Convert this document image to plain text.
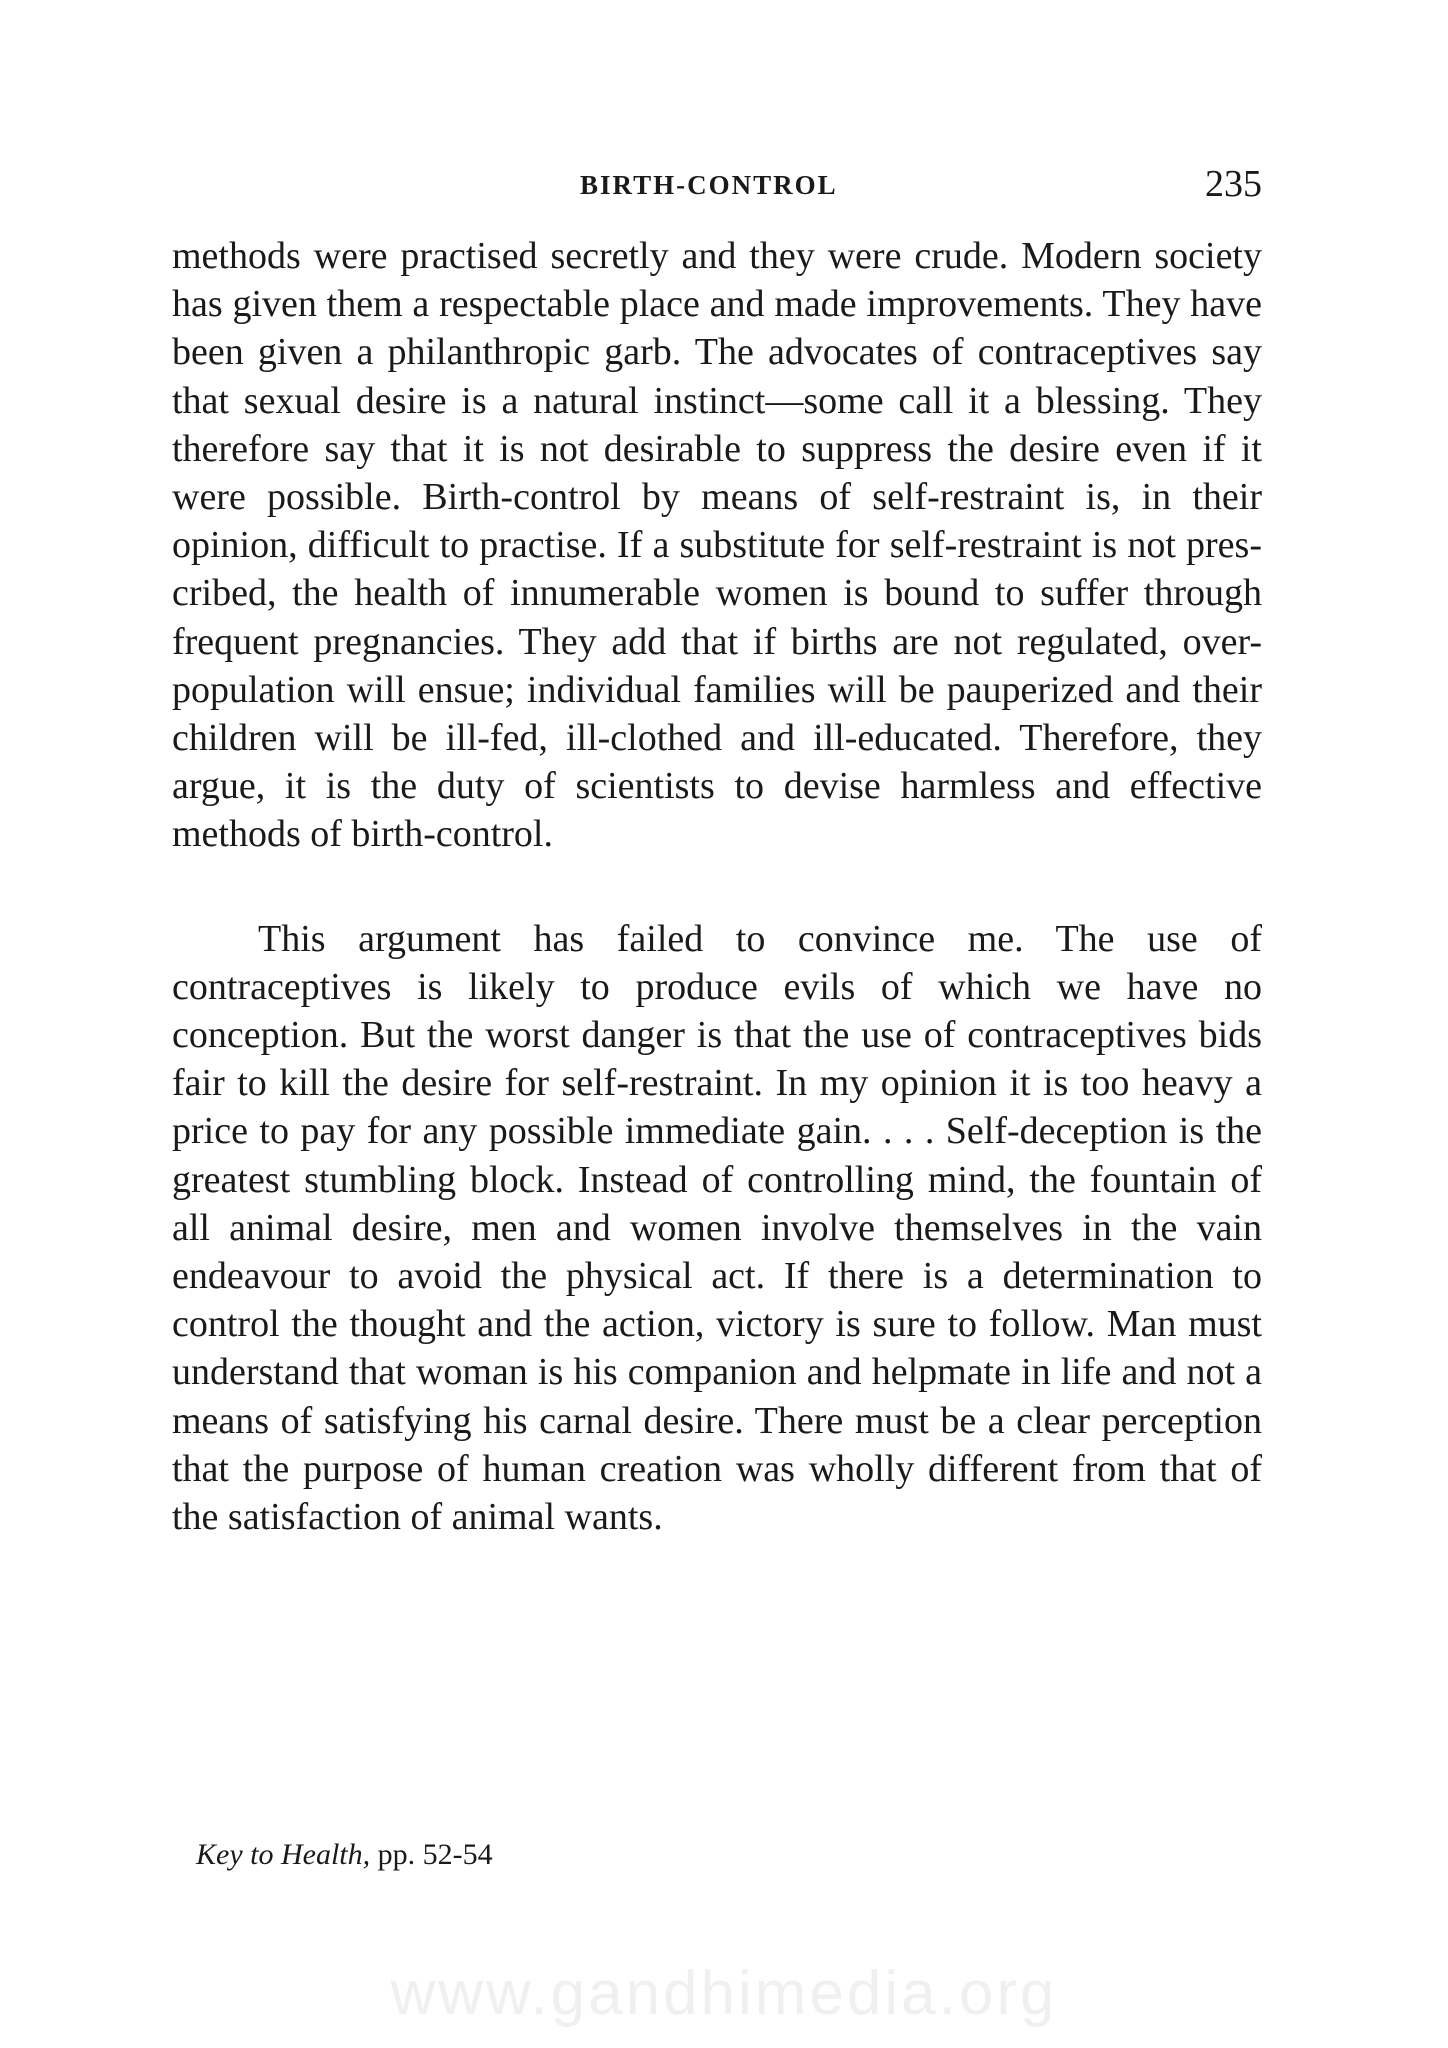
BIRTH-CONTROL	235

methods were practised secretly and they were crude. Modern society has given them a respectable place and made improvements. They have been given a philanthropic garb. The advocates of contraceptives say that sexual desire is a natural instinct—some call it a blessing. They therefore say that it is not desirable to suppress the desire even if it were possible. Birth-control by means of self-restraint is, in their opinion, difficult to practise. If a substitute for self-restraint is not prescribed, the health of innumerable women is bound to suffer through frequent pregnancies. They add that if births are not regulated, over-population will ensue; individual families will be pauperized and their children will be ill-fed, ill-clothed and ill-educated. Therefore, they argue, it is the duty of scientists to devise harmless and effective methods of birth-control.

This argument has failed to convince me. The use of contraceptives is likely to produce evils of which we have no conception. But the worst danger is that the use of contraceptives bids fair to kill the desire for self-restraint. In my opinion it is too heavy a price to pay for any possible immediate gain. . . . Self-deception is the greatest stumbling block. Instead of controlling mind, the fountain of all animal desire, men and women involve themselves in the vain endeavour to avoid the physical act. If there is a determination to control the thought and the action, victory is sure to follow. Man must understand that woman is his companion and helpmate in life and not a means of satisfying his carnal desire. There must be a clear perception that the purpose of human creation was wholly different from that of the satisfaction of animal wants.

Key to Health, pp. 52-54
www.gandhimedia.org
